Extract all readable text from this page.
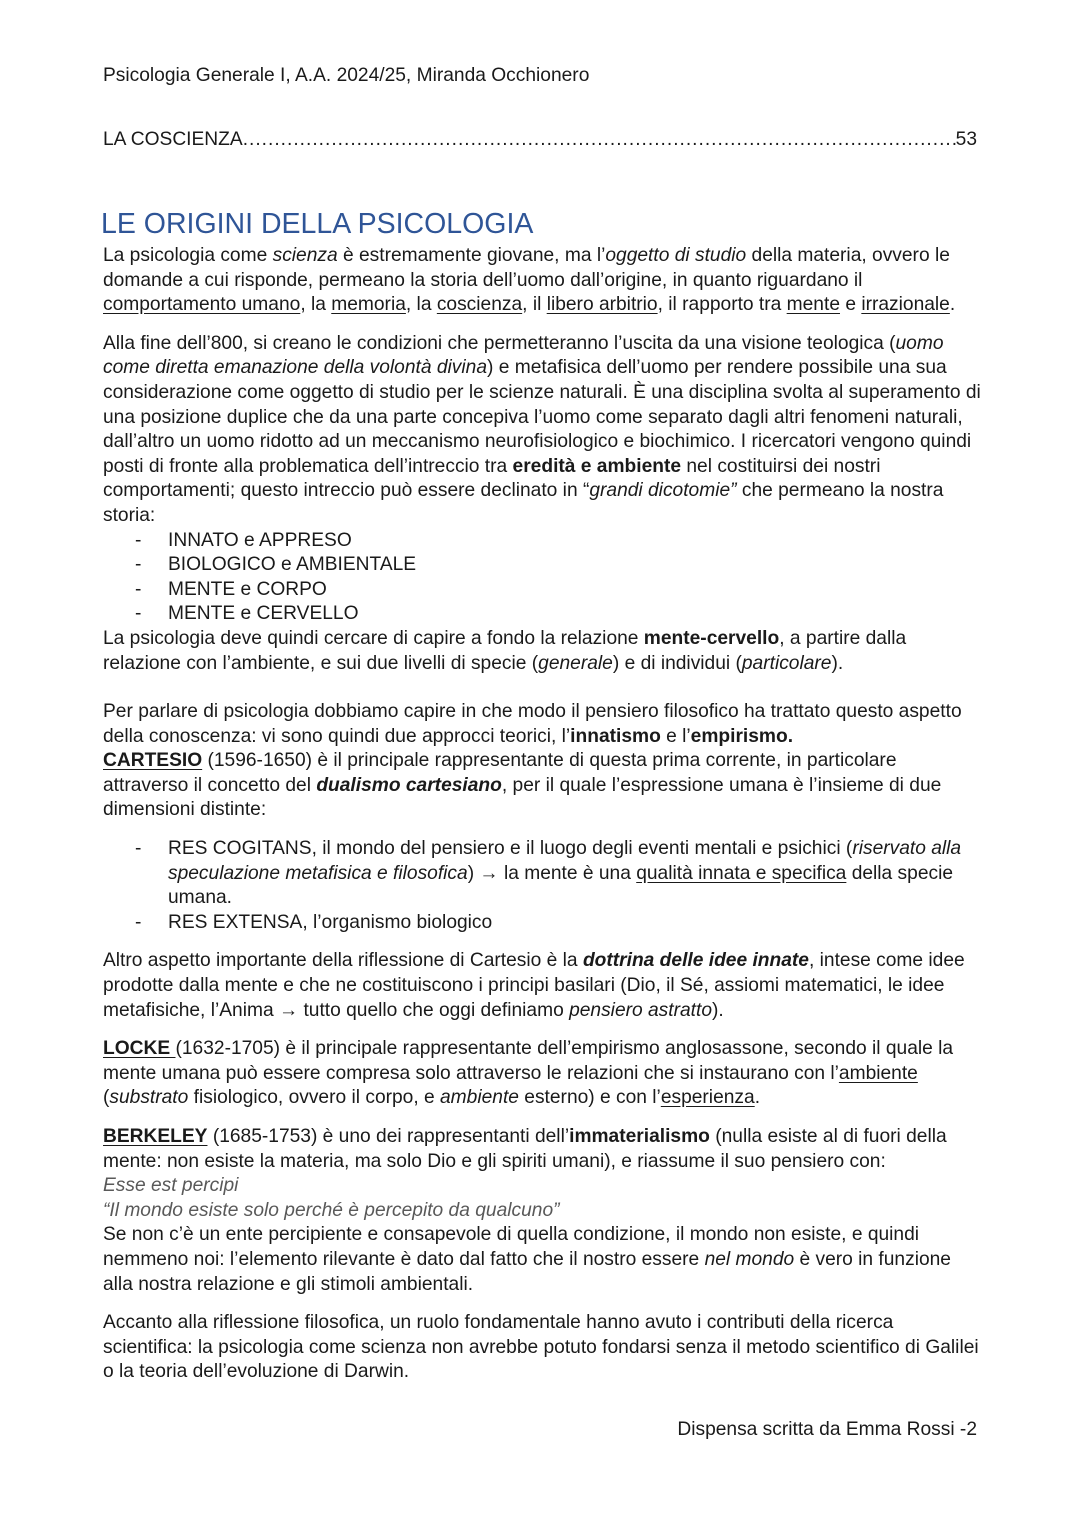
Psicologia Generale I, A.A. 2024/25, Miranda Occhionero
LA COSCIENZA
.....	53
LE ORIGINI DELLA PSICOLOGIA

La psicologia come scienza è estremamente giovane, ma l’oggetto di studio della materia, ovvero le domande a cui risponde, permeano la storia dell’uomo dall’origine, in quanto riguardano il comportamento umano, la memoria, la coscienza, il libero arbitrio, il rapporto tra mente e irrazionale.

Alla fine dell’800, si creano le condizioni che permetteranno l’uscita da una visione teologica (uomo come diretta emanazione della volontà divina) e metafisica dell’uomo per rendere possibile una sua considerazione come oggetto di studio per le scienze naturali. È una disciplina svolta al superamento di una posizione duplice che da una parte concepiva l’uomo come separato dagli altri fenomeni naturali, dall’altro un uomo ridotto ad un meccanismo neurofisiologico e biochimico. I ricercatori vengono quindi posti di fronte alla problematica dell’intreccio tra eredità e ambiente nel costituirsi dei nostri comportamenti; questo intreccio può essere declinato in “grandi dicotomie” che permeano la nostra storia:

- INNATO e APPRESO
- BIOLOGICO e AMBIENTALE
- MENTE e CORPO
- MENTE e CERVELLO

La psicologia deve quindi cercare di capire a fondo la relazione mente-cervello, a partire dalla relazione con l’ambiente, e sui due livelli di specie (generale) e di individui (particolare).

Per parlare di psicologia dobbiamo capire in che modo il pensiero filosofico ha trattato questo aspetto della conoscenza: vi sono quindi due approcci teorici, l’innatismo e l’empirismo.
CARTESIO (1596-1650) è il principale rappresentante di questa prima corrente, in particolare attraverso il concetto del dualismo cartesiano, per il quale l’espressione umana è l’insieme di due dimensioni distinte:

- RES COGITANS, il mondo del pensiero e il luogo degli eventi mentali e psichici (riservato alla speculazione metafisica e filosofica) → la mente è una qualità innata e specifica della specie umana.
- RES EXTENSA, l’organismo biologico

Altro aspetto importante della riflessione di Cartesio è la dottrina delle idee innate, intese come idee prodotte dalla mente e che ne costituiscono i principi basilari (Dio, il Sé, assiomi matematici, le idee metafisiche, l’Anima → tutto quello che oggi definiamo pensiero astratto).

LOCKE (1632-1705) è il principale rappresentante dell’empirismo anglosassone, secondo il quale la mente umana può essere compresa solo attraverso le relazioni che si instaurano con l’ambiente (substrato fisiologico, ovvero il corpo, e ambiente esterno) e con l’esperienza.

BERKELEY (1685-1753) è uno dei rappresentanti dell’immaterialismo (nulla esiste al di fuori della mente: non esiste la materia, ma solo Dio e gli spiriti umani), e riassume il suo pensiero con:
Esse est percipi
“Il mondo esiste solo perché è percepito da qualcuno”
Se non c’è un ente percipiente e consapevole di quella condizione, il mondo non esiste, e quindi nemmeno noi: l’elemento rilevante è dato dal fatto che il nostro essere nel mondo è vero in funzione alla nostra relazione e gli stimoli ambientali.

Accanto alla riflessione filosofica, un ruolo fondamentale hanno avuto i contributi della ricerca scientifica: la psicologia come scienza non avrebbe potuto fondarsi senza il metodo scientifico di Galilei o la teoria dell’evoluzione di Darwin.

Dispensa scritta da Emma Rossi -2
